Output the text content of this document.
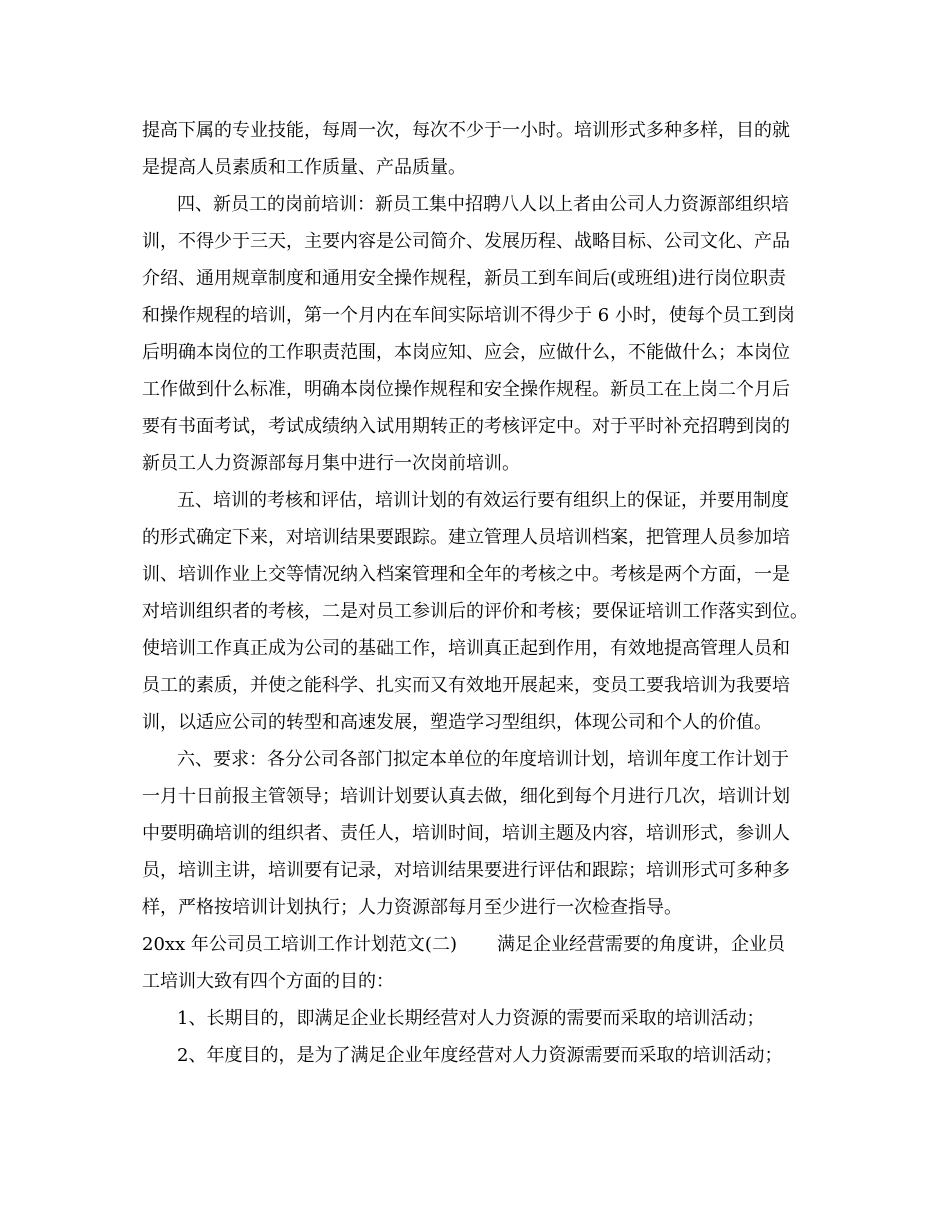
提高下属的专业技能，每周一次，每次不少于一小时。培训形式多种多样，目的就
是提高人员素质和工作质量、产品质量。
四、新员工的岗前培训：新员工集中招聘八人以上者由公司人力资源部组织培
训，不得少于三天，主要内容是公司简介、发展历程、战略目标、公司文化、产品
介绍、通用规章制度和通用安全操作规程，新员工到车间后(或班组)进行岗位职责
和操作规程的培训，第一个月内在车间实际培训不得少于 6 小时，使每个员工到岗
后明确本岗位的工作职责范围，本岗应知、应会，应做什么，不能做什么；本岗位
工作做到什么标准，明确本岗位操作规程和安全操作规程。新员工在上岗二个月后
要有书面考试，考试成绩纳入试用期转正的考核评定中。对于平时补充招聘到岗的
新员工人力资源部每月集中进行一次岗前培训。
五、培训的考核和评估，培训计划的有效运行要有组织上的保证，并要用制度
的形式确定下来，对培训结果要跟踪。建立管理人员培训档案，把管理人员参加培
训、培训作业上交等情况纳入档案管理和全年的考核之中。考核是两个方面，一是
对培训组织者的考核，二是对员工参训后的评价和考核；要保证培训工作落实到位。
使培训工作真正成为公司的基础工作，培训真正起到作用，有效地提高管理人员和
员工的素质，并使之能科学、扎实而又有效地开展起来，变员工要我培训为我要培
训，以适应公司的转型和高速发展，塑造学习型组织，体现公司和个人的价值。
六、要求：各分公司各部门拟定本单位的年度培训计划，培训年度工作计划于
一月十日前报主管领导；培训计划要认真去做，细化到每个月进行几次，培训计划
中要明确培训的组织者、责任人，培训时间，培训主题及内容，培训形式，参训人
员，培训主讲，培训要有记录，对培训结果要进行评估和跟踪；培训形式可多种多
样，严格按培训计划执行；人力资源部每月至少进行一次检查指导。
20xx 年公司员工培训工作计划范文(二) 满足企业经营需要的角度讲，企业员
工培训大致有四个方面的目的：
1、长期目的，即满足企业长期经营对人力资源的需要而采取的培训活动；
2、年度目的，是为了满足企业年度经营对人力资源需要而采取的培训活动；
